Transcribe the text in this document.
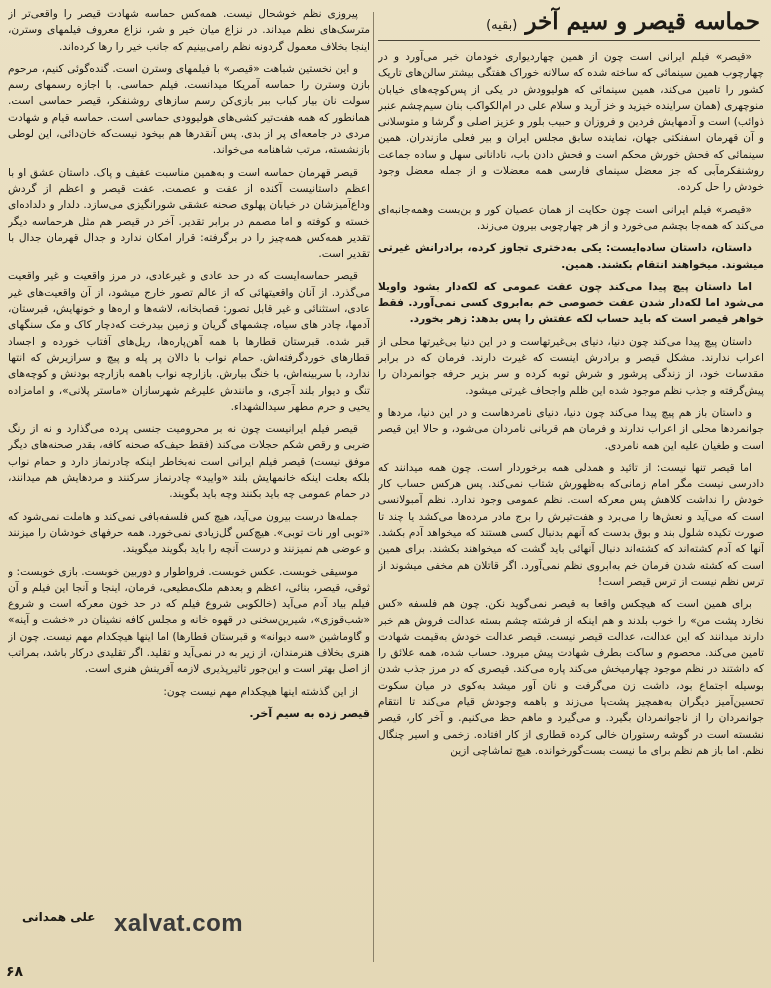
حماسه قیصر و سیم آخر
(بقیه)

«قیصر» فیلم ایرانی است چون از همین چهاردیواری خودمان خبر می‌آورد و در چهارچوب همین سینمائی که ساخته شده که سالانه خوراک هفتگی بیشتر سالن‌های تاریک کشور را تامین می‌کند، همین سینمائی که هولیوودش در یکی از پس‌کوچه‌های خیابان منوچهری (همان سراینده خیزید و خز آرید و سلام علی در ام‌الکواکب بنان سیم‌چشم عنبر ذوائب) است و آدمهایش فردین و فروزان و حبیب بلور و عزیز اصلی و گرشا و متوسلانی و آن قهرمان اسفنکتی جهان، نماینده سابق مجلس ایران و بیر فعلی مازندران. همین سینمائی که فحش خورش محکم است و فحش دادن باب، نادانانی سهل و ساده جماعت روشنفکرمآبی که جز معضل سینمای فارسی همه معضلات و از جمله معضل وجود خودش را حل کرده.

«قیصر» فیلم ایرانی است چون حکایت از همان عصیان کور و بن‌بست وهمه‌جانبه‌ای می‌کند که همه‌جا بچشم می‌خورد و از هر چهارچوبی بیرون می‌زند.

داستان، داستان ساده‌ایست: یکی به‌دختری تجاوز کرده، برادرانش غیرتی میشوند. میخواهند انتقام بکشند. همین.

اما داستان پیچ پیدا می‌کند چون عفت عمومی که لکه‌دار بشود واویلا می‌شود اما لکه‌دار شدن عفت خصوصی خم به‌ابروی کسی نمی‌آورد. فقط خواهر قیصر است که باید حساب لکه عفتش را پس بدهد: زهر بخورد.

داستان پیچ پیدا می‌کند چون دنیا، دنیای بی‌غیرتهاست و در این دنیا بی‌غیرتها محلی از اعراب ندارند. مشکل قیصر و برادرش اینست که غیرت دارند. فرمان که در برابر مقدسات خود، از زندگی پرشور و شرش توبه کرده و سر بزیر حرفه جوانمردان را پیش‌گرفته و جذب نظم موجود شده این ظلم واجحاف غیرتی میشود.

و داستان باز هم پیچ پیدا می‌کند چون دنیا، دنیای نامردهاست و در این دنیا، مردها و جوانمردها محلی از اعراب ندارند و فرمان هم قربانی نامردان می‌شود، و حالا این قیصر است و طغیان علیه این همه نامردی.

اما قیصر تنها نیست: از تائید و همدلی همه برخوردار است. چون همه میدانند که دادرسی نیست مگر امام زمانی‌که به‌ظهورش شتاب نمی‌کند. پس هرکس حساب کار خودش را نداشت کلاهش پس معرکه است. نظم عمومی وجود ندارد. نظم آمبولانسی است که می‌آید و نعش‌ها را می‌برد و هفت‌تیرش را برج مادر مرده‌ها می‌کشد یا چند تا صورت تکیده شلول بند و بوق بدست که آنهم بدنبال کسی هستند که میخواهد آدم بکشد. آنها که آدم کشته‌اند که کشته‌اند دنبال آنهائی باید گشت که میخواهند بکشند. برای همین است که کشته شدن فرمان خم به‌ابروی نظم نمی‌آورد. اگر قاتلان هم مخفی میشوند از ترس نظم نیست از ترس قیصر است!

برای همین است که هیچکس واقعا به قیصر نمی‌گوید نکن. چون هم فلسفه «کس نخارد پشت من» را خوب بلدند و هم اینکه از فرشته چشم بسته عدالت فروش هم خبر دارند میدانند که این عدالت، عدالت قیصر نیست. قیصر عدالت خودش به‌قیمت شهادت تامین می‌کند. محصوم و ساکت بطرف شهادت پیش میرود. حساب شده، همه علائق را که داشتند در نظم موجود چهارمیخش می‌کند پاره می‌کند. قیصری که در مرز جذب شدن بوسیله اجتماع بود، داشت زن می‌گرفت و نان آور میشد به‌کوی در میان سکوت تحسین‌آمیز دیگران به‌همچیز پشت‌پا می‌زند و باهمه وجودش قیام می‌کند تا انتقام جوانمردان را از ناجوانمردان بگیرد. و می‌گیرد و ماهم حظ می‌کنیم. و آخر کار، قیصر نشسته است در گوشه رستوران خالی کرده قطاری از کار افتاده. زخمی و اسیر چنگال نظم. اما باز هم نظم برای ما نیست بست‌گورخوانده. هیچ تماشاچی ازین

پیروزی نظم خوشحال نیست. همه‌کس حماسه شهادت قیصر را واقعی‌تر از مترسک‌های نظم میداند. در نزاع میان خیر و شر، نزاع معروف فیلمهای وسترن، اینجا بخلاف معمول گردونه نظم رامی‌بینیم که جانب خیر را رها کرده‌اند.

و این نخستین شباهت «قیصر» با فیلمهای وسترن است. گنده‌گوئی کنیم، مرحوم بازن وسترن را حماسه آمریکا میدانست. فیلم حماسی. با اجازه رسمهای رسم سولت نان بیار کباب ببر بازی‌کن رسم سازهای روشنفکر، قیصر حماسی است. همانطور که همه هفت‌تیر کشی‌های هولیوودی حماسی است. حماسه قیام و شهادت مردی در جامعه‌ای پر از بدی. پس آنقدرها هم بیخود نیست‌که خان‌دائی، این لوطی بازنشسته، مرتب شاهنامه می‌خواند.

قیصر قهرمان حماسه است و به‌همین مناسبت عفیف و پاک. داستان عشق او با اعظم داستانیست آکنده از عفت و عصمت. عفت قیصر و اعظم از گردش وداع‌آمیزشان در خیابان پهلوی صحنه عشقی شورانگیزی می‌سازد. دلدار و دلداده‌ای خسته و کوفته و اما مصمم در برابر تقدیر. آخر در قیصر هم مثل هرحماسه دیگر تقدیر همه‌کس همه‌چیز را در برگرفته: قرار امکان ندارد و جدال قهرمان جدال با تقدیر است.

قیصر حماسه‌ایست که در حد عادی و غیرعادی، در مرز واقعیت و غیر واقعیت می‌گذرد. از آنان واقعیتهائی که از عالم تصور خارج میشود، از آن واقعیت‌های غیر عادی، استثنائی و غیر قابل تصور: قصابخانه، لاشه‌ها و اره‌ها و خونهایش، قبرستان، آدمها، چادر های سیاه، چشمهای گریان و زمین بیدرخت که‌دچار کاک و مک سنگهای قبر شده. قبرستان قطارها با همه آهن‌پاره‌ها، ریل‌های آفتاب خورده و اجساد قطارهای خورد‌گرفته‌اش. حمام نواب با دالان پر پله و پیچ و سرازیرش که انتها ندارد، با سربینه‌اش، با خنگ بیارش. بازارچه نواب باهمه بازار‌چه بودنش و کوچه‌های تنگ و دیوار بلند آجری، و مانندش علیرغم شهرسازان «ماستر پلانی»، و امامزاده یحیی و حرم مطهر سیدالشهداء.

قیصر فیلم ایرانیست چون نه بر محرومیت جنسی پرده می‌گذارد و نه از رنگ ضربی و رقص شکم حجلات می‌کند (فقط حیف‌که صحنه کافه، بقدر صحنه‌های دیگر موفق نیست) قیصر فیلم ایرانی است نه‌بخاطر اینکه چادرنماز دارد و حمام نواب بلکه بعلت اینکه خانمهایش بلند «وایید» چادرنماز سرکنند و مردهایش هم میدانند، در حمام عمومی چه باید بکنند وچه باید بگویند.

جمله‌ها درست بیرون می‌آید، هیچ کس فلسفه‌بافی نمی‌کند و هاملت نمی‌شود که «توبی اور نات توبی». هیچ‌کس گل‌زیادی نمی‌خورد. همه حرفهای خودشان را میزنند و عوضی هم نمیزنند و درست آنچه را باید بگویند میگویند.

موسیقی خوبست. عکس خوبست. فرواطوار و دوربین خوبست. بازی خوبست: و ثوقی، قیصر، بنائی، اعظم و بعدهم ملک‌مطیعی، فرمان، اینجا و آنجا این فیلم و آن فیلم بیاد آدم می‌آید (خالکوبی شروع فیلم که در حد خون معرکه است و شروع «شب‌قوزی»، شیرین‌سخنی در قهوه خانه و مجلس کافه نشینان در «خشت و آینه» و گاوماشین «سه دیوانه» و قبرستان قطارها) اما اینها هیچکدام مهم نیست. چون از هنری بخلاف هنرمندان، از زیر به در نمی‌آید و تقلید. اگر تقلیدی درکار باشد، بمراتب از اصل بهتر است و این‌جور تاثیرپذیری لازمه آفرینش هنری است.

از این گذشته اینها هیچکدام مهم نیست چون:

قیصر زده به سیم آخر.
علی همدانی xalvat.com
۶۸
